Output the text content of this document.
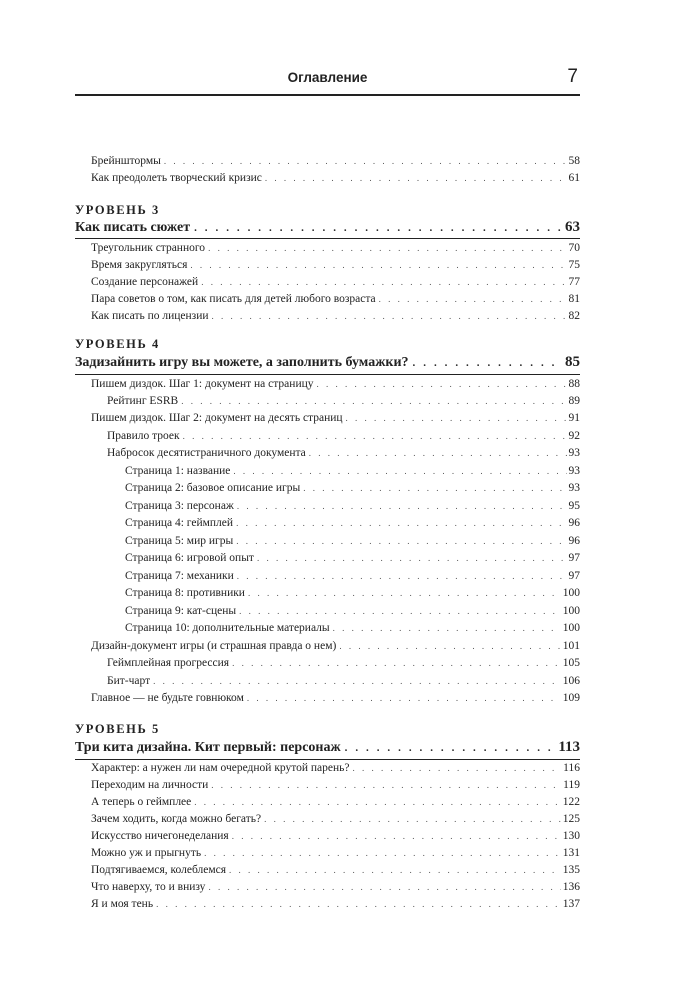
Оглавление	7
Брейнштормы . . .	58
Как преодолеть творческий кризис . . .	61
УРОВЕНЬ 3
Как писать сюжет . . .	63
Треугольник странного . . .	70
Время закругляться . . .	75
Создание персонажей . . .	77
Пара советов о том, как писать для детей любого возраста . . .	81
Как писать по лицензии . . .	82
УРОВЕНЬ 4
Задизайнить игру вы можете, а заполнить бумажки? . . .	85
Пишем диздок. Шаг 1: документ на страницу . . .	88
Рейтинг ESRB . . .	89
Пишем диздок. Шаг 2: документ на десять страниц . . .	91
Правило троек . . .	92
Набросок десятистраничного документа . . .	93
Страница 1: название . . .	93
Страница 2: базовое описание игры . . .	93
Страница 3: персонаж . . .	95
Страница 4: геймплей . . .	96
Страница 5: мир игры . . .	96
Страница 6: игровой опыт . . .	97
Страница 7: механики . . .	97
Страница 8: противники . . .	100
Страница 9: кат-сцены . . .	100
Страница 10: дополнительные материалы . . .	100
Дизайн-документ игры (и страшная правда о нем) . . .	101
Геймплейная прогрессия . . .	105
Бит-чарт . . .	106
Главное — не будьте говнюком . . .	109
УРОВЕНЬ 5
Три кита дизайна. Кит первый: персонаж . . .	113
Характер: а нужен ли нам очередной крутой парень? . . .	116
Переходим на личности . . .	119
А теперь о геймплее . . .	122
Зачем ходить, когда можно бегать? . . .	125
Искусство ничегонеделания . . .	130
Можно уж и прыгнуть . . .	131
Подтягиваемся, колеблемся . . .	135
Что наверху, то и внизу . . .	136
Я и моя тень . . .	137
